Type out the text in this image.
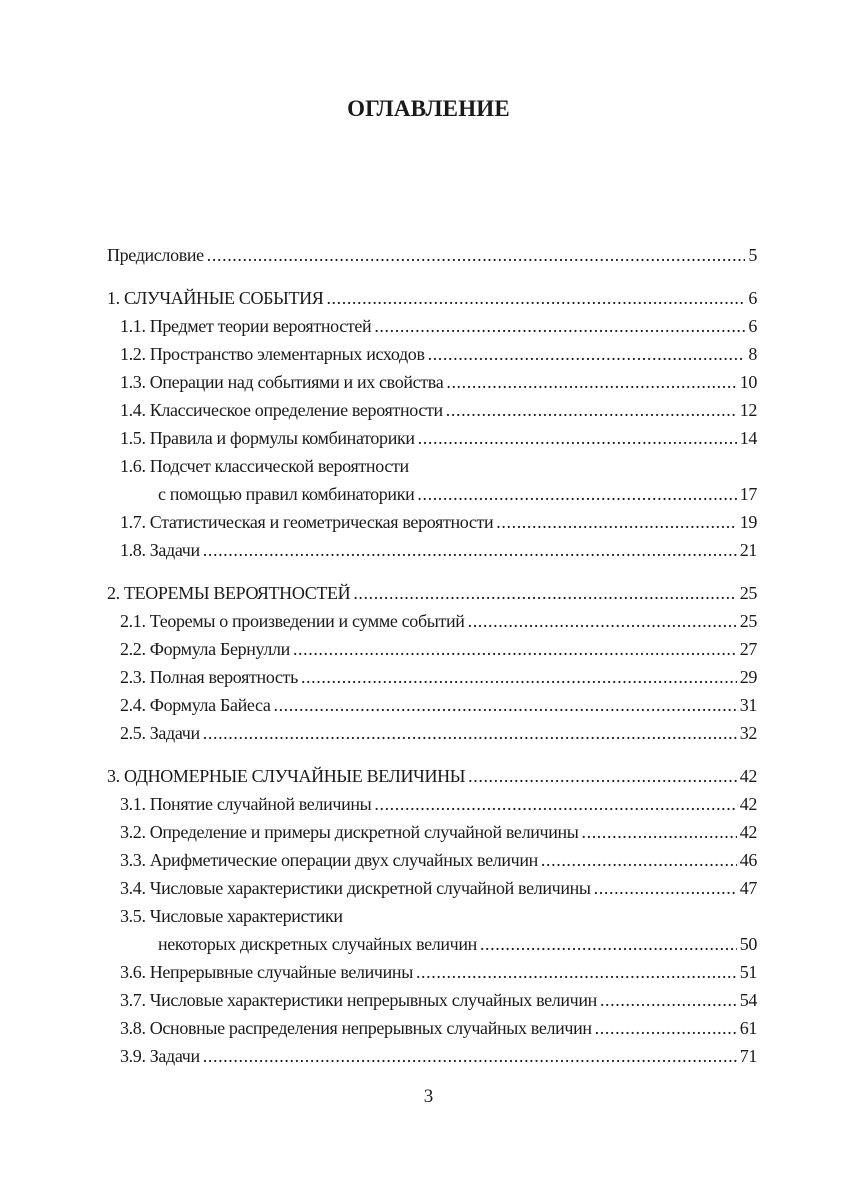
ОГЛАВЛЕНИЕ
Предисловие .....	5
1. СЛУЧАЙНЫЕ СОБЫТИЯ .....	6
1.1. Предмет теории вероятностей .....	6
1.2. Пространство элементарных исходов .....	8
1.3. Операции над событиями и их свойства .....	10
1.4. Классическое определение вероятности .....	12
1.5. Правила и формулы комбинаторики .....	14
1.6. Подсчет классической вероятности
с помощью правил комбинаторики .....	17
1.7. Статистическая и геометрическая вероятности .....	19
1.8. Задачи .....	21
2. ТЕОРЕМЫ ВЕРОЯТНОСТЕЙ .....	25
2.1. Теоремы о произведении и сумме событий .....	25
2.2. Формула Бернулли .....	27
2.3. Полная вероятность .....	29
2.4. Формула Байеса .....	31
2.5. Задачи .....	32
3. ОДНОМЕРНЫЕ СЛУЧАЙНЫЕ ВЕЛИЧИНЫ .....	42
3.1. Понятие случайной величины .....	42
3.2. Определение и примеры дискретной случайной величины .....	42
3.3. Арифметические операции двух случайных величин .....	46
3.4. Числовые характеристики дискретной случайной величины .....	47
3.5. Числовые характеристики
некоторых дискретных случайных величин .....	50
3.6. Непрерывные случайные величины .....	51
3.7. Числовые характеристики непрерывных случайных величин .....	54
3.8. Основные распределения непрерывных случайных величин .....	61
3.9. Задачи .....	71
3
